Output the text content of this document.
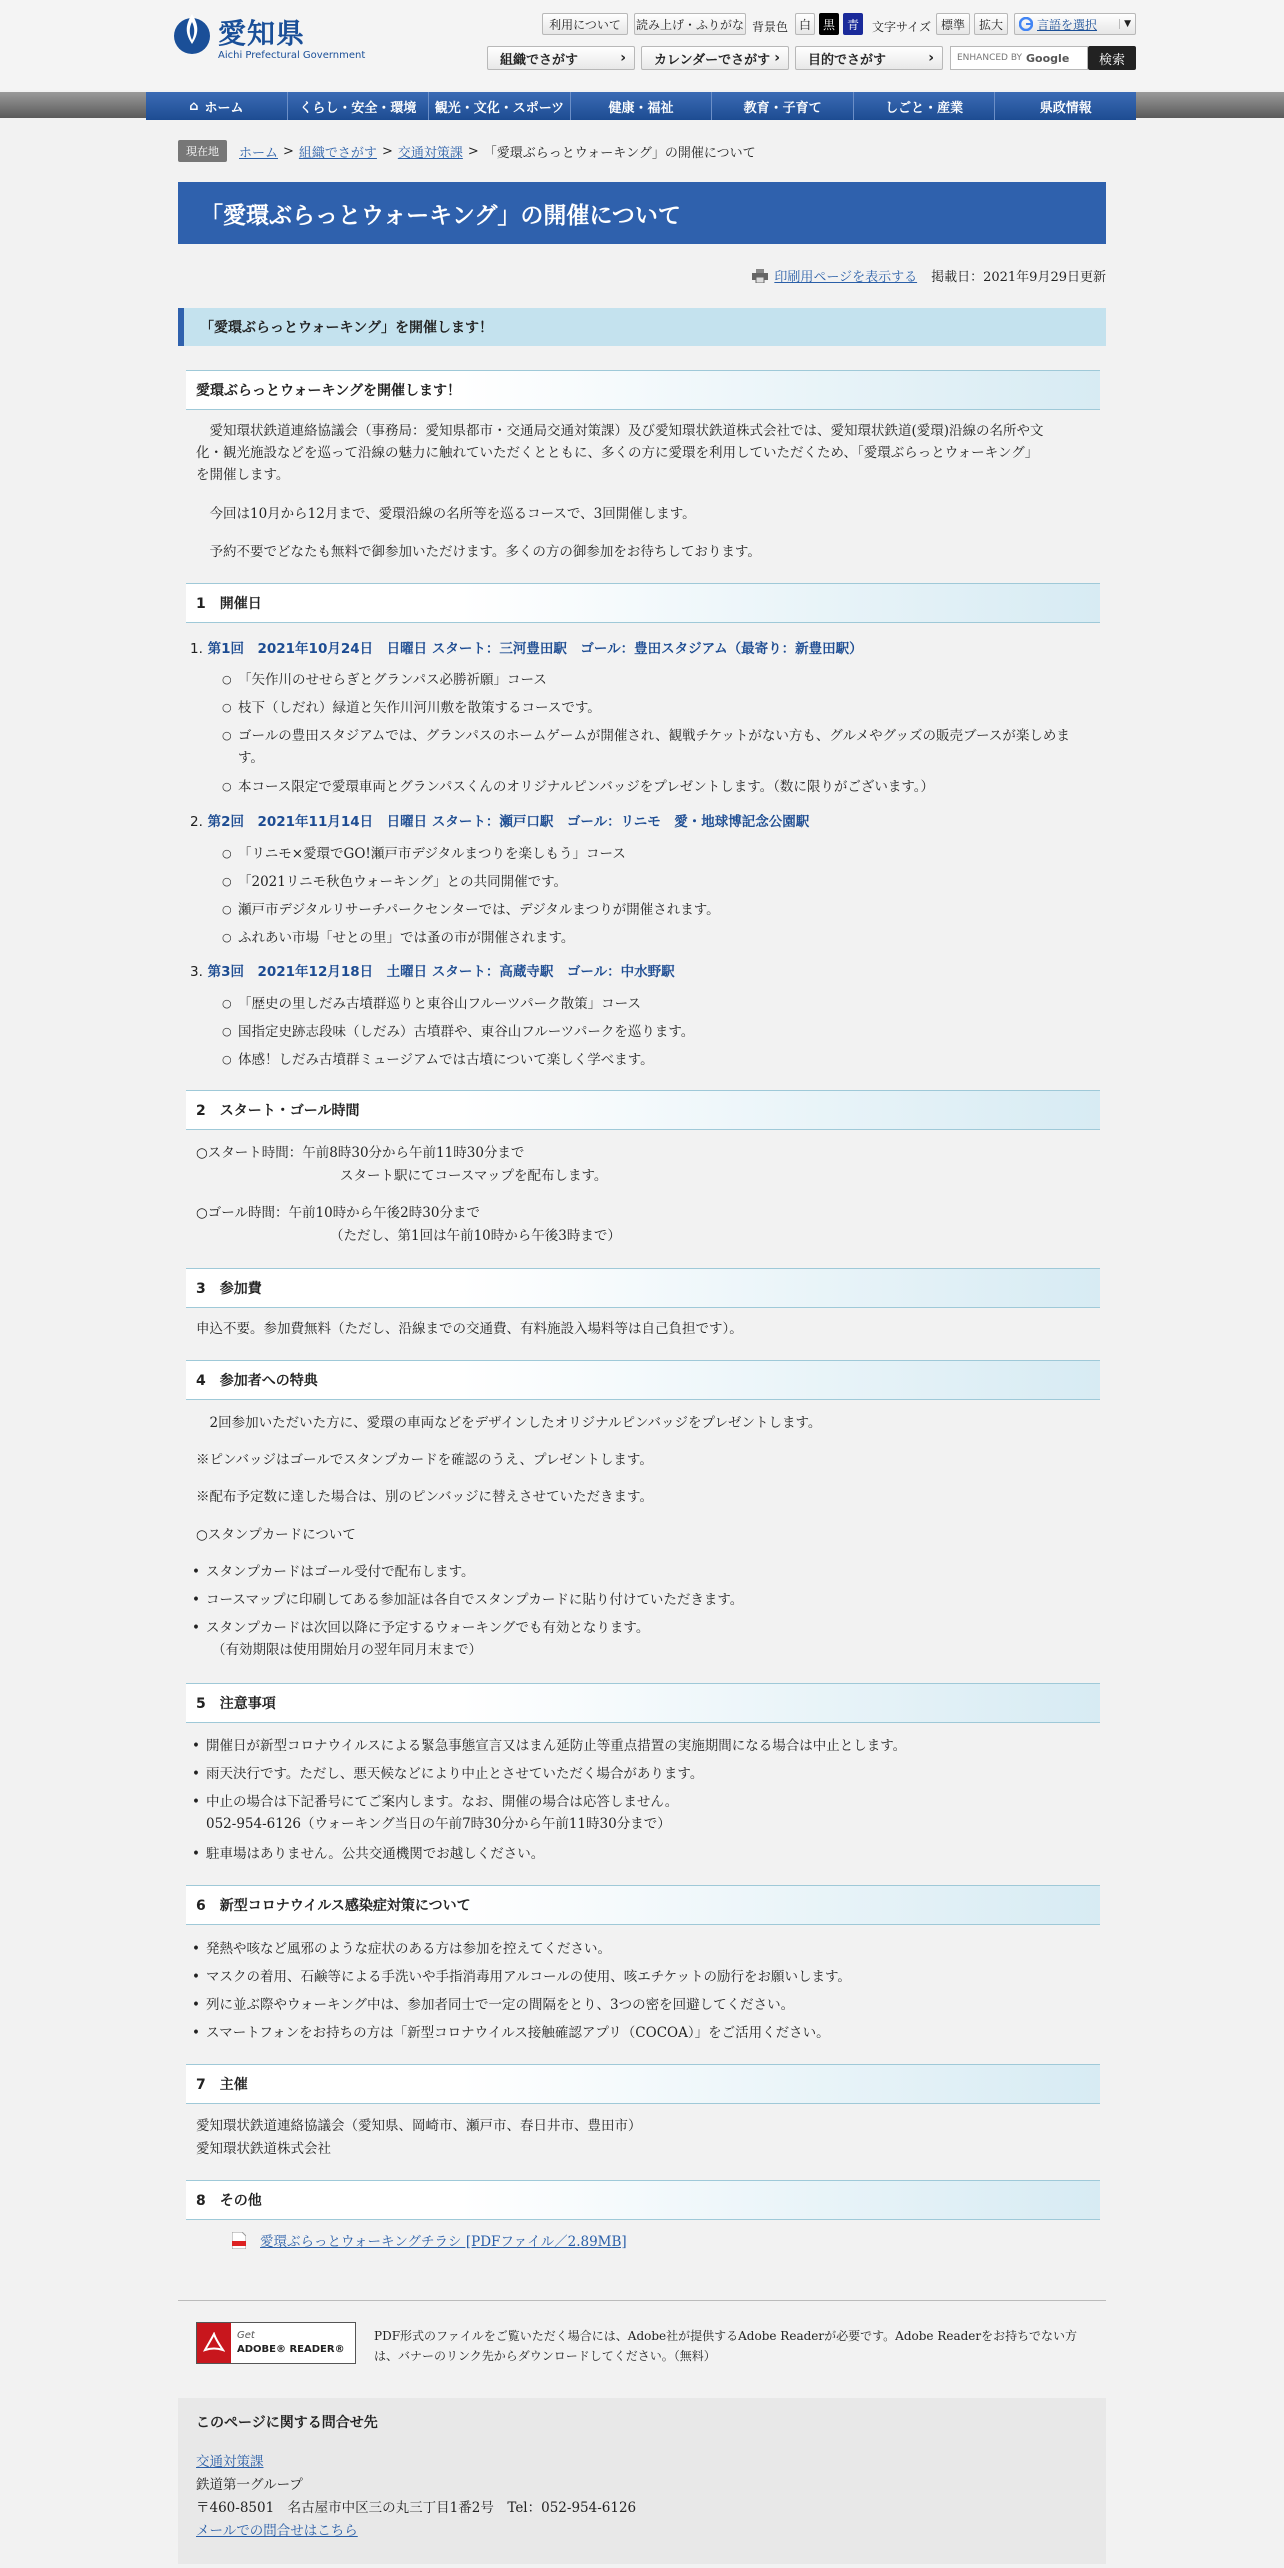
愛知県
Aichi Prefectural Government
利用について	読み上げ・ふりがな 背景色 白 黒 青	文字サイズ 標準	拡大	言語を選択	▼
組織でさがす	› カレンダーでさがす › 目的でさがす	›	ENHANCED BY Google	検索
⌂ ホーム	くらし・安全・環境	観光・文化・スポーツ	健康・福祉	教育・子育て	しごと・産業	県政情報
現在地	ホーム > 組織でさがす > 交通対策課 > 「愛環ぶらっとウォーキング」の開催について
「愛環ぶらっとウォーキング」の開催について
印刷用ページを表示する 掲載日：2021年9月29日更新
「愛環ぶらっとウォーキング」を開催します！
愛環ぶらっとウォーキングを開催します！
　愛知環状鉄道連絡協議会（事務局：愛知県都市・交通局交通対策課）及び愛知環状鉄道株式会社では、愛知環状鉄道(愛環)沿線の名所や文
化・観光施設などを巡って沿線の魅力に触れていただくとともに、多くの方に愛環を利用していただくため、「愛環ぶらっとウォーキング」
を開催します。
　今回は10月から12月まで、愛環沿線の名所等を巡るコースで、3回開催します。
　予約不要でどなたも無料で御参加いただけます。多くの方の御参加をお待ちしております。
1　開催日
1. 第1回　2021年10月24日　日曜日 スタート：三河豊田駅　ゴール：豊田スタジアム（最寄り：新豊田駅）
○ 「矢作川のせせらぎとグランパス必勝祈願」コース
○ 枝下（しだれ）緑道と矢作川河川敷を散策するコースです。
○ ゴールの豊田スタジアムでは、グランパスのホームゲームが開催され、観戦チケットがない方も、グルメやグッズの販売ブースが楽しめま
す。
○ 本コース限定で愛環車両とグランパスくんのオリジナルピンバッジをプレゼントします。（数に限りがございます。）
2. 第2回　2021年11月14日　日曜日 スタート：瀬戸口駅　ゴール：リニモ　愛・地球博記念公園駅
○ 「リニモ×愛環でGO!瀬戸市デジタルまつりを楽しもう」コース
○ 「2021リニモ秋色ウォーキング」との共同開催です。
○ 瀬戸市デジタルリサーチパークセンターでは、デジタルまつりが開催されます。
○ ふれあい市場「せとの里」では蚤の市が開催されます。
3. 第3回　2021年12月18日　土曜日 スタート：高蔵寺駅　ゴール：中水野駅
○ 「歴史の里しだみ古墳群巡りと東谷山フルーツパーク散策」コース
○ 国指定史跡志段味（しだみ）古墳群や、東谷山フルーツパークを巡ります。
○ 体感！しだみ古墳群ミュージアムでは古墳について楽しく学べます。
2　スタート・ゴール時間
○スタート時間：午前8時30分から午前11時30分まで
スタート駅にてコースマップを配布します。
○ゴール時間：午前10時から午後2時30分まで
（ただし、第1回は午前10時から午後3時まで）
3　参加費
申込不要。参加費無料（ただし、沿線までの交通費、有料施設入場料等は自己負担です）。
4　参加者への特典
　2回参加いただいた方に、愛環の車両などをデザインしたオリジナルピンバッジをプレゼントします。
※ピンバッジはゴールでスタンプカードを確認のうえ、プレゼントします。
※配布予定数に達した場合は、別のピンバッジに替えさせていただきます。
○スタンプカードについて
• スタンプカードはゴール受付で配布します。
• コースマップに印刷してある参加証は各自でスタンプカードに貼り付けていただきます。
• スタンプカードは次回以降に予定するウォーキングでも有効となります。
（有効期限は使用開始月の翌年同月末まで）
5　注意事項
• 開催日が新型コロナウイルスによる緊急事態宣言又はまん延防止等重点措置の実施期間になる場合は中止とします。
• 雨天決行です。ただし、悪天候などにより中止とさせていただく場合があります。
• 中止の場合は下記番号にてご案内します。なお、開催の場合は応答しません。
052-954-6126（ウォーキング当日の午前7時30分から午前11時30分まで）
• 駐車場はありません。公共交通機関でお越しください。
6　新型コロナウイルス感染症対策について
• 発熱や咳など風邪のような症状のある方は参加を控えてください。
• マスクの着用、石鹸等による手洗いや手指消毒用アルコールの使用、咳エチケットの励行をお願いします。
• 列に並ぶ際やウォーキング中は、参加者同士で一定の間隔をとり、3つの密を回避してください。
• スマートフォンをお持ちの方は「新型コロナウイルス接触確認アプリ（COCOA）」をご活用ください。
7　主催
愛知環状鉄道連絡協議会（愛知県、岡崎市、瀬戸市、春日井市、豊田市）
愛知環状鉄道株式会社
8　その他
愛環ぶらっとウォーキングチラシ [PDFファイル／2.89MB]
Get
ADOBE® READER®
PDF形式のファイルをご覧いただく場合には、Adobe社が提供するAdobe Readerが必要です。Adobe Readerをお持ちでない方は、バナーのリンク先からダウンロードしてください。（無料）
このページに関する問合せ先
交通対策課
鉄道第一グループ
〒460-8501　名古屋市中区三の丸三丁目1番2号　Tel：052-954-6126
メールでの問合せはこちら
